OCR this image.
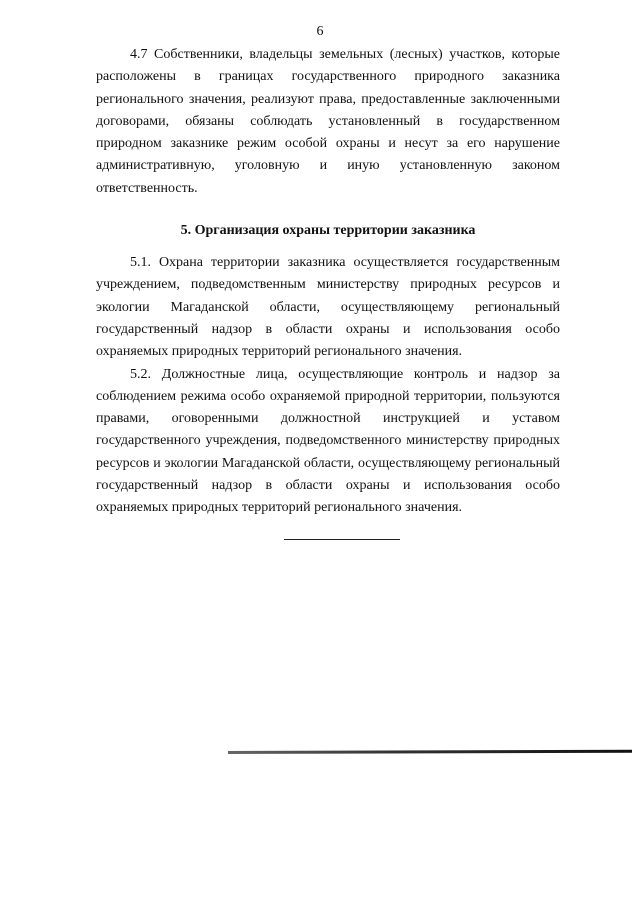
6

4.7 Собственники, владельцы земельных (лесных) участков, которые расположены в границах государственного природного заказника регионального значения, реализуют права, предоставленные заключенными договорами, обязаны соблюдать установленный в государственном природном заказнике режим особой охраны и несут за его нарушение административную, уголовную и иную установленную законом ответственность.

5. Организация охраны территории заказника

5.1. Охрана территории заказника осуществляется государственным учреждением, подведомственным министерству природных ресурсов и экологии Магаданской области, осуществляющему региональный государственный надзор в области охраны и использования особо охраняемых природных территорий регионального значения.

5.2. Должностные лица, осуществляющие контроль и надзор за соблюдением режима особо охраняемой природной территории, пользуются правами, оговоренными должностной инструкцией и уставом государственного учреждения, подведомственного министерству природных ресурсов и экологии Магаданской области, осуществляющему региональный государственный надзор в области охраны и использования особо охраняемых природных территорий регионального значения.
